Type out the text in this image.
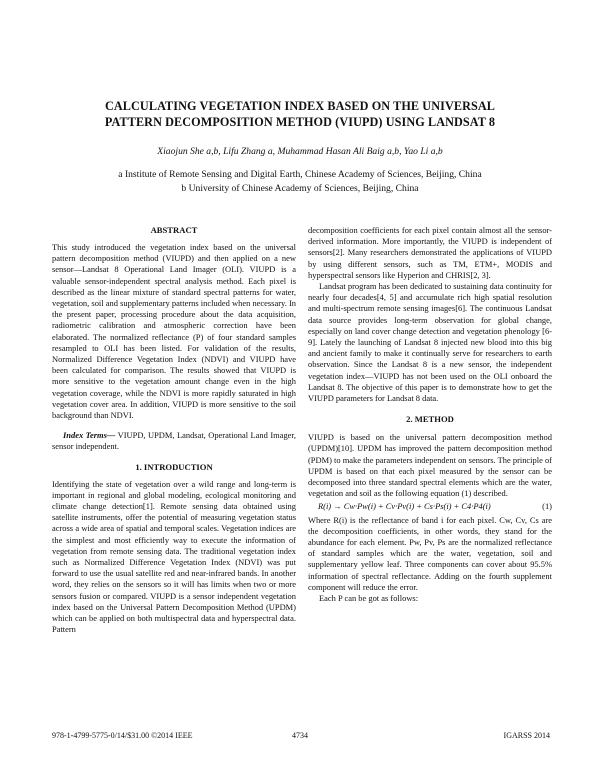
CALCULATING VEGETATION INDEX BASED ON THE UNIVERSAL
PATTERN DECOMPOSITION METHOD (VIUPD) USING LANDSAT 8
Xiaojun She a,b, Lifu Zhang a, Muhammad Hasan Ali Baig a,b, Yao Li a,b
a Institute of Remote Sensing and Digital Earth, Chinese Academy of Sciences, Beijing, China
b University of Chinese Academy of Sciences, Beijing, China

ABSTRACT

This study introduced the vegetation index based on the universal pattern decomposition method (VIUPD) and then applied on a new sensor—Landsat 8 Operational Land Imager (OLI). VIUPD is a valuable sensor-independent spectral analysis method. Each pixel is described as the linear mixture of standard spectral patterns for water, vegetation, soil and supplementary patterns included when necessary. In the present paper, processing procedure about the data acquisition, radiometric calibration and atmospheric correction have been elaborated. The normalized reflectance (P) of four standard samples resampled to OLI has been listed. For validation of the results, Normalized Difference Vegetation Index (NDVI) and VIUPD have been calculated for comparison. The results showed that VIUPD is more sensitive to the vegetation amount change even in the high vegetation coverage, while the NDVI is more rapidly saturated in high vegetation cover area. In addition, VIUPD is more sensitive to the soil background than NDVI.

Index Terms— VIUPD, UPDM, Landsat, Operational Land Imager, sensor independent.

1. INTRODUCTION

Identifying the state of vegetation over a wild range and long-term is important in regional and global modeling, ecological monitoring and climate change detection[1]. Remote sensing data obtained using satellite instruments, offer the potential of measuring vegetation status across a wide area of spatial and temporal scales. Vegetation indices are the simplest and most efficiently way to execute the information of vegetation from remote sensing data. The traditional vegetation index such as Normalized Difference Vegetation Index (NDVI) was put forward to use the usual satellite red and near-infrared bands. In another word, they relies on the sensors so it will has limits when two or more sensors fusion or compared. VIUPD is a sensor independent vegetation index based on the Universal Pattern Decomposition Method (UPDM) which can be applied on both multispectral data and hyperspectral data. Pattern

decomposition coefficients for each pixel contain almost all the sensor-derived information. More importantly, the VIUPD is independent of sensors[2]. Many researchers demonstrated the applications of VIUPD by using different sensors, such as TM, ETM+, MODIS and hyperspectral sensors like Hyperion and CHRIS[2, 3].

Landsat program has been dedicated to sustaining data continuity for nearly four decades[4, 5] and accumulate rich high spatial resolution and multi-spectrum remote sensing images[6]. The continuous Landsat data source provides long-term observation for global change, especially on land cover change detection and vegetation phenology [6-9]. Lately the launching of Landsat 8 injected new blood into this big and ancient family to make it continually serve for researchers to earth observation. Since the Landsat 8 is a new sensor, the independent vegetation index—VIUPD has not been used on the OLI onboard the Landsat 8. The objective of this paper is to demonstrate how to get the VIUPD parameters for Landsat 8 data.

2. METHOD

VIUPD is based on the universal pattern decomposition method (UPDM)[10]. UPDM has improved the pattern decomposition method (PDM) to make the parameters independent on sensors. The principle of UPDM is based on that each pixel measured by the sensor can be decomposed into three standard spectral elements which are the water, vegetation and soil as the following equation (1) described.

R(i) → Cw·Pw(i) + Cv·Pv(i) + Cs·Ps(i) + C4·P4(i)	(1)

Where R(i) is the reflectance of band i for each pixel. Cw, Cv, Cs are the decomposition coefficients, in other words, they stand for the abundance for each element. Pw, Pv, Ps are the normalized reflectance of standard samples which are the water, vegetation, soil and supplementary yellow leaf. Three components can cover about 95.5% information of spectral reflectance. Adding on the fourth supplement component will reduce the error.

Each P can be got as follows:

978-1-4799-5775-0/14/$31.00 ©2014 IEEE	4734	IGARSS 2014
